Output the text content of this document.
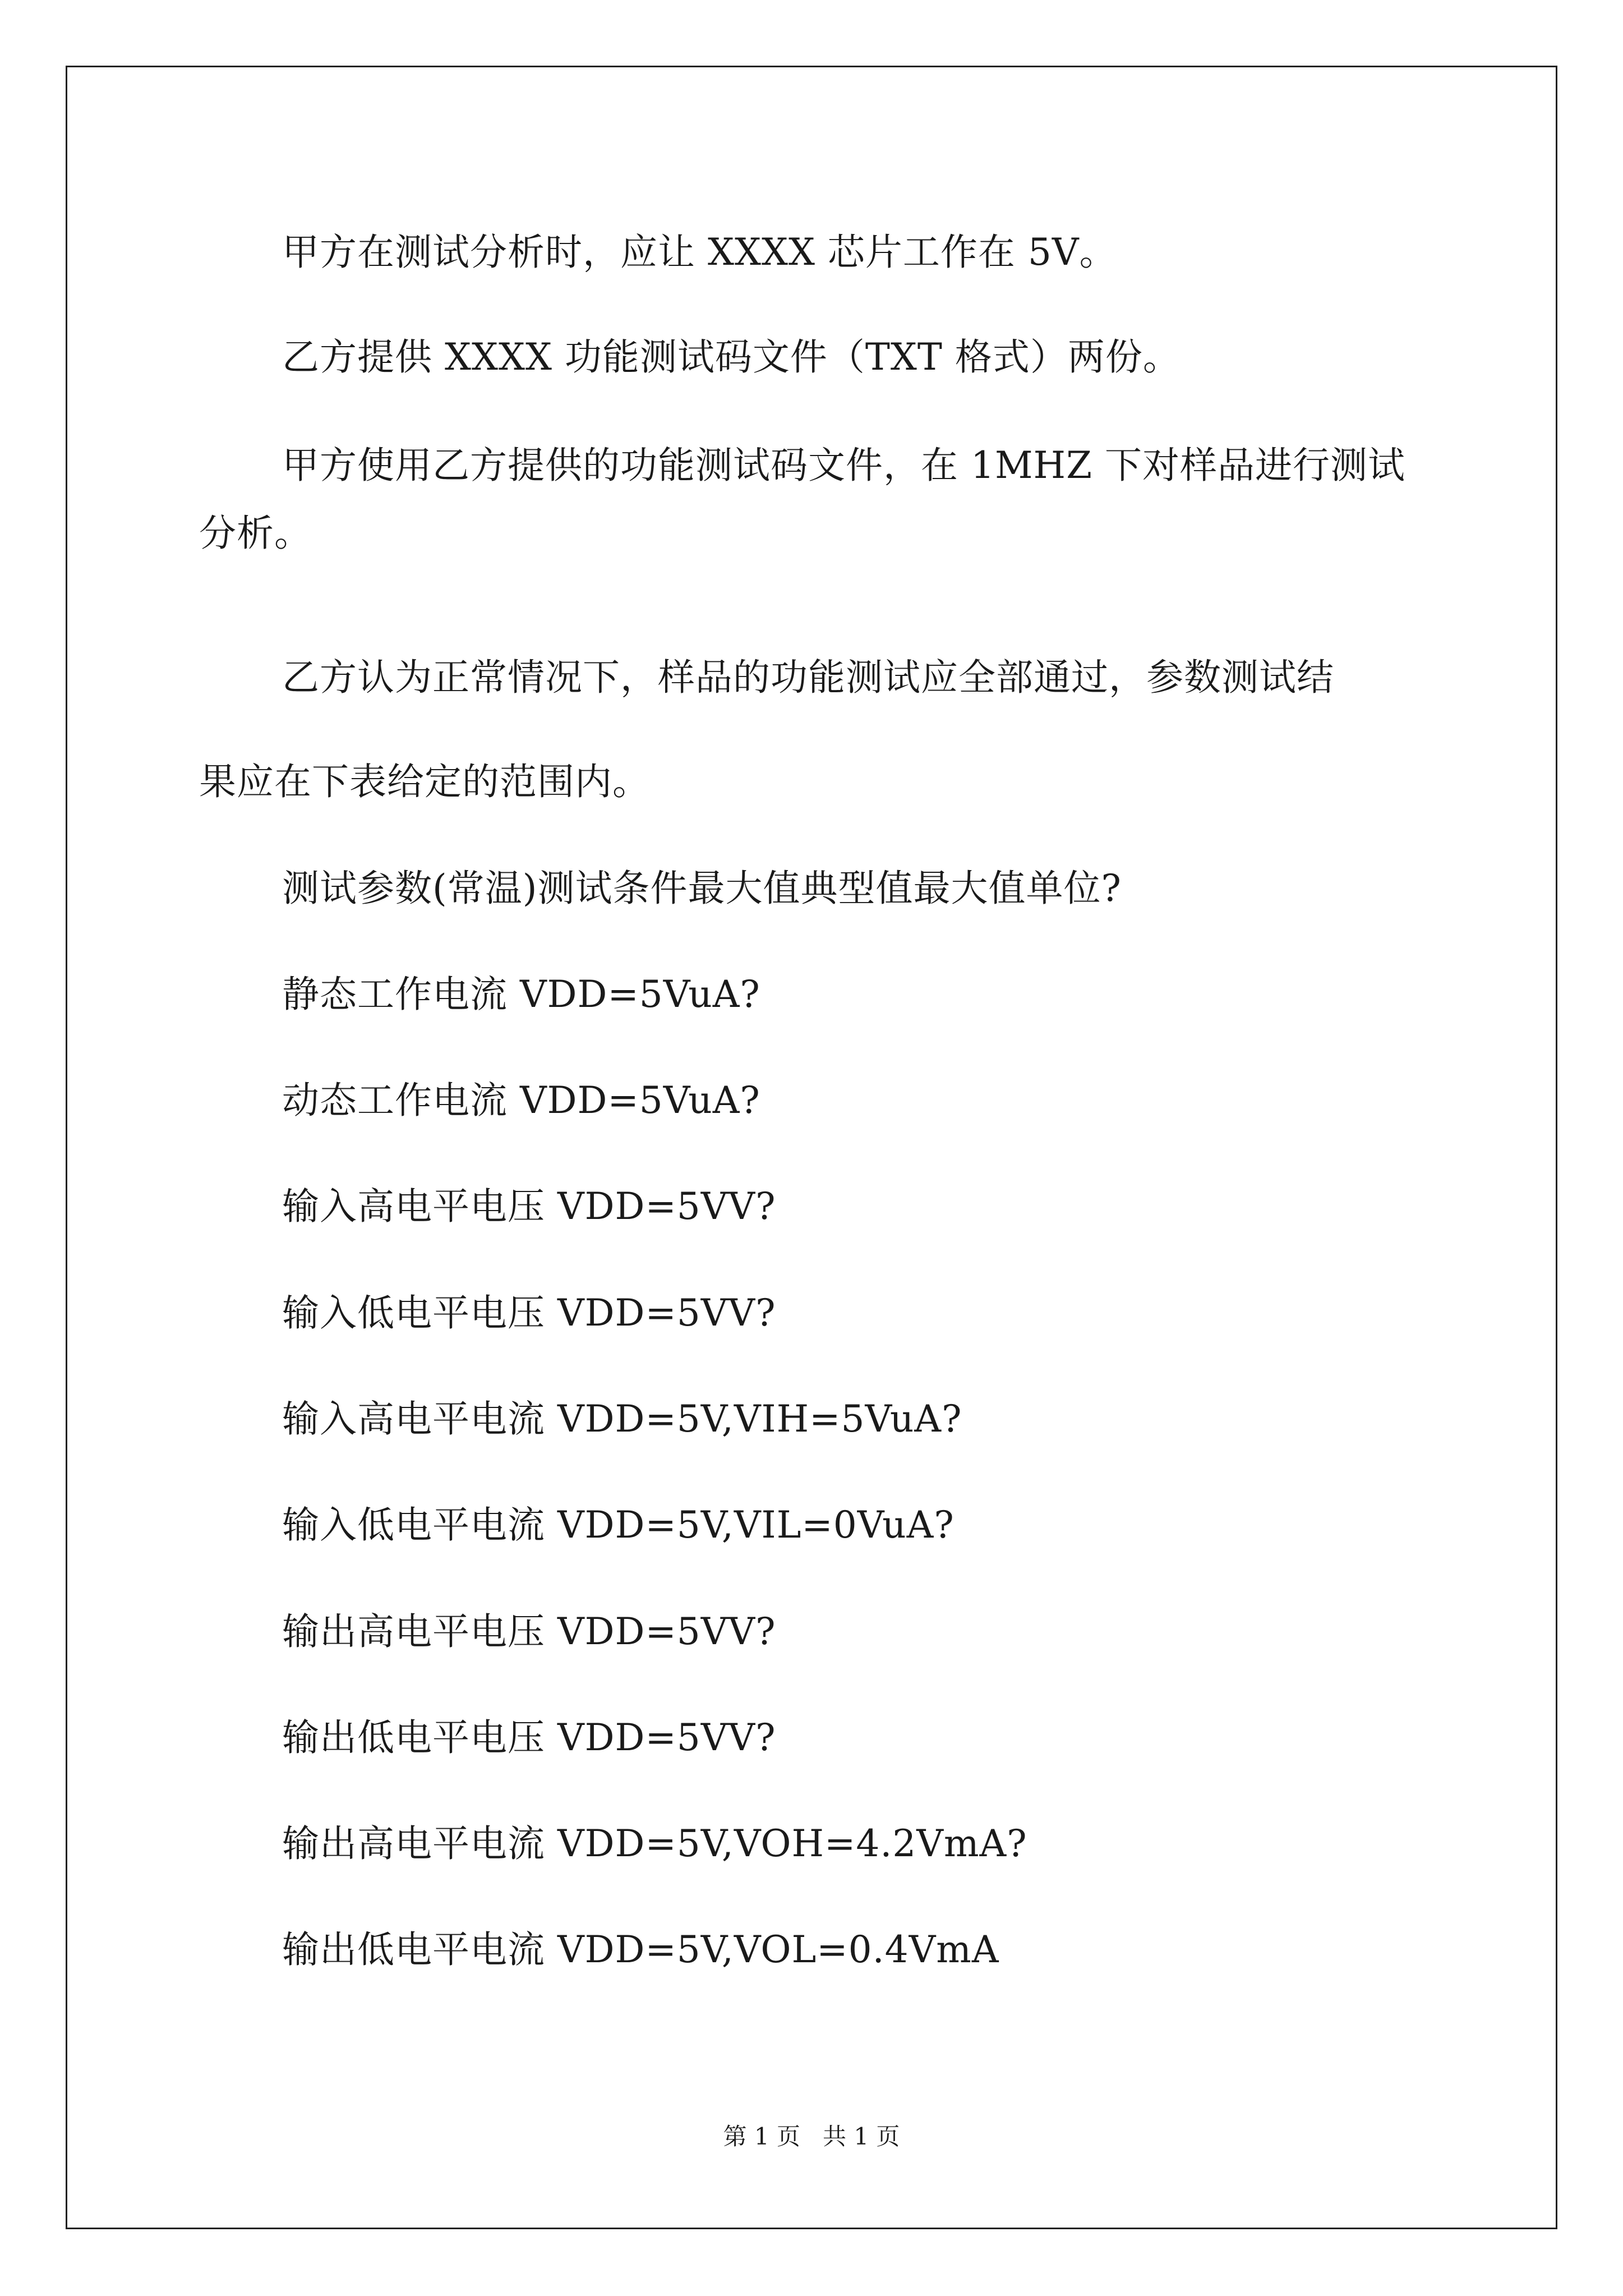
甲方在测试分析时，应让 XXXX 芯片工作在 5V。

乙方提供 XXXX 功能测试码文件（TXT 格式）两份。

甲方使用乙方提供的功能测试码文件，在 1MHZ 下对样品进行测试

分析。

乙方认为正常情况下，样品的功能测试应全部通过，参数测试结

果应在下表给定的范围内。

测试参数(常温)测试条件最大值典型值最大值单位?

静态工作电流 VDD=5VuA?

动态工作电流 VDD=5VuA?

输入高电平电压 VDD=5VV?

输入低电平电压 VDD=5VV?

输入高电平电流 VDD=5V,VIH=5VuA?

输入低电平电流 VDD=5V,VIL=0VuA?

输出高电平电压 VDD=5VV?

输出低电平电压 VDD=5VV?

输出高电平电流 VDD=5V,VOH=4.2VmA?

输出低电平电流 VDD=5V,VOL=0.4VmA

第 1 页 共 1 页
